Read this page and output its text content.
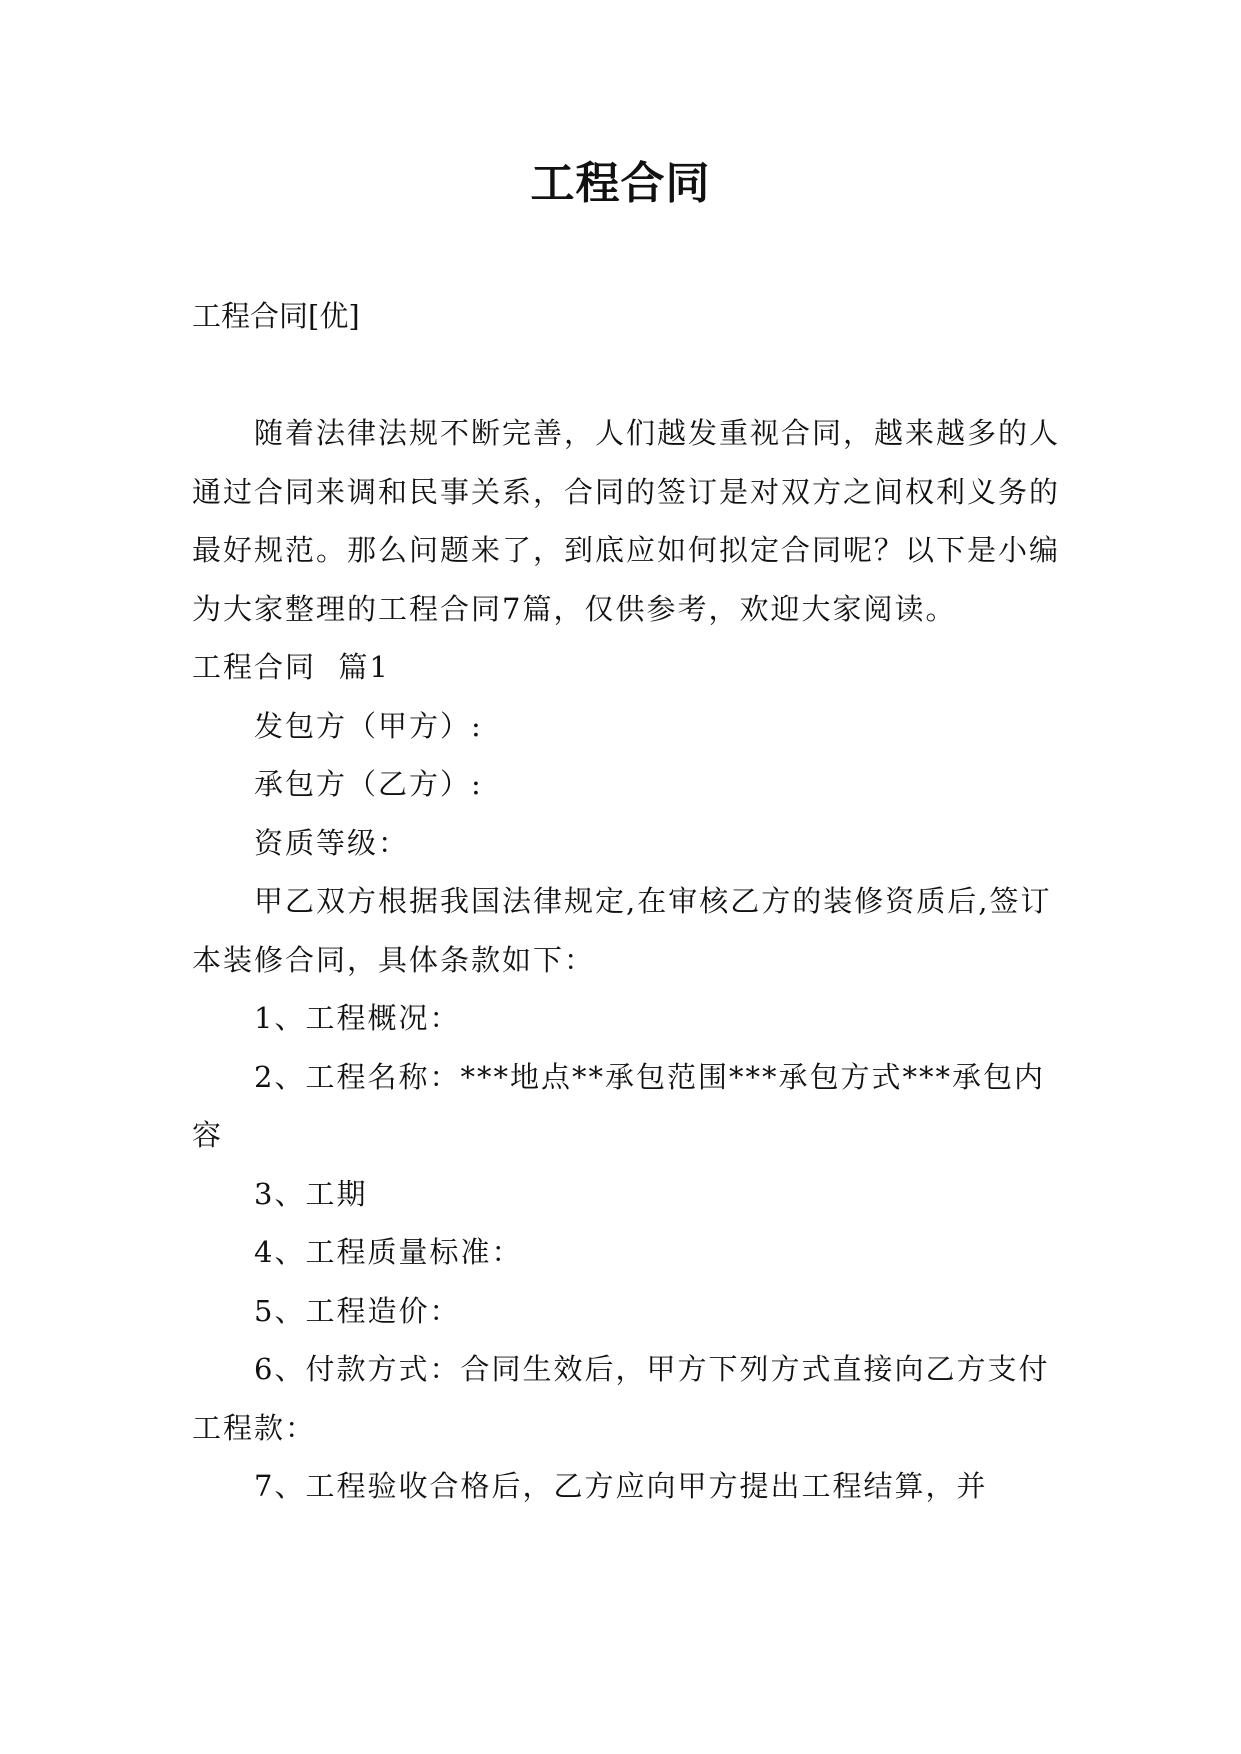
工程合同
工程合同[优]

随着法律法规不断完善，人们越发重视合同，越来越多的人通过合同来调和民事关系，合同的签订是对双方之间权利义务的最好规范。那么问题来了，到底应如何拟定合同呢？以下是小编为大家整理的工程合同7篇，仅供参考，欢迎大家阅读。

工程合同  篇1

发包方（甲方）:

承包方（乙方）:

资质等级：

甲乙双方根据我国法律规定,在审核乙方的装修资质后,签订本装修合同，具体条款如下：

1、工程概况：

2、工程名称：***地点**承包范围***承包方式***承包内容

3、工期

4、工程质量标准：

5、工程造价：

6、付款方式：合同生效后，甲方下列方式直接向乙方支付工程款：

7、工程验收合格后，乙方应向甲方提出工程结算，并
